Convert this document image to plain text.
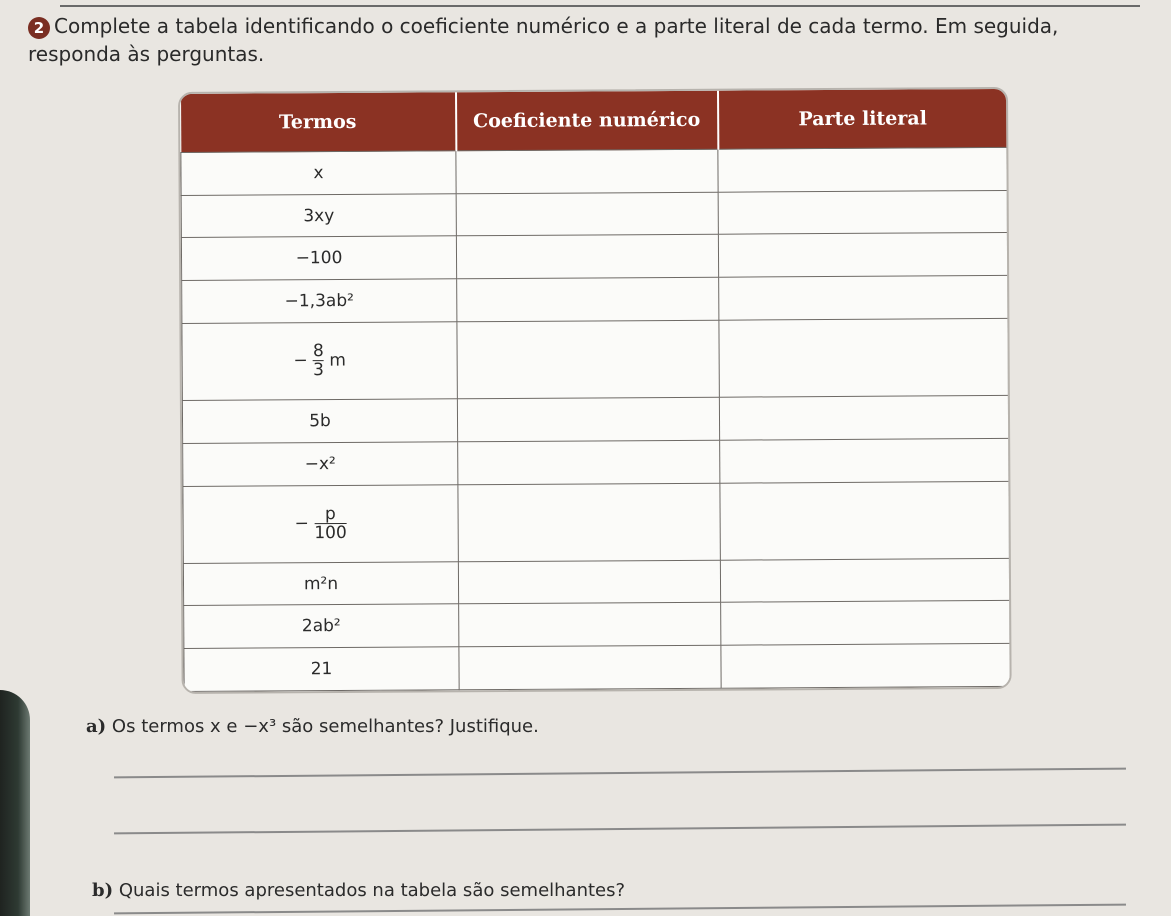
2 Complete a tabela identificando o coeficiente numérico e a parte literal de cada termo. Em seguida, responda às perguntas.
Termos	Coeficiente numérico	Parte literal
x		
3xy		
−100		
−1,3ab²		
− $\frac{8}{3}$ m		
5b		
−x²		
− $\frac{p}{100}$

m²n		
2ab²		
21		
a) Os termos x e −x³ são semelhantes? Justifique.
b) Quais termos apresentados na tabela são semelhantes?
